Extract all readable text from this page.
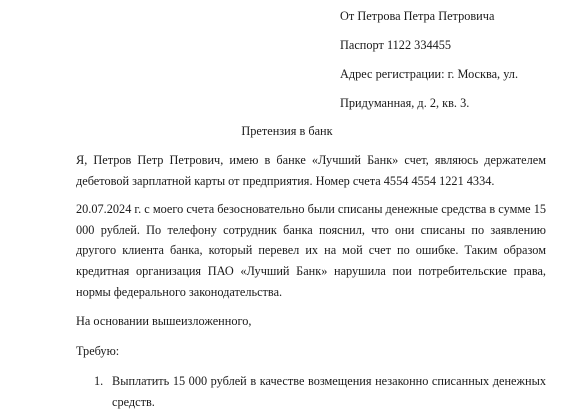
От Петрова Петра Петровича
Паспорт 1122 334455
Адрес регистрации: г. Москва, ул.
Придуманная, д. 2, кв. 3.
Претензия в банк
Я, Петров Петр Петрович, имею в банке «Лучший Банк» счет, являюсь держателем дебетовой зарплатной карты от предприятия. Номер счета 4554 4554 1221 4334.
20.07.2024 г. с моего счета безосновательно были списаны денежные средства в сумме 15 000 рублей. По телефону сотрудник банка пояснил, что они списаны по заявлению другого клиента банка, который перевел их на мой счет по ошибке. Таким образом кредитная организация ПАО «Лучший Банк» нарушила пои потребительские права, нормы федерального законодательства.
На основании вышеизложенного,
Требую:
1. Выплатить 15 000 рублей в качестве возмещения незаконно списанных денежных средств.
